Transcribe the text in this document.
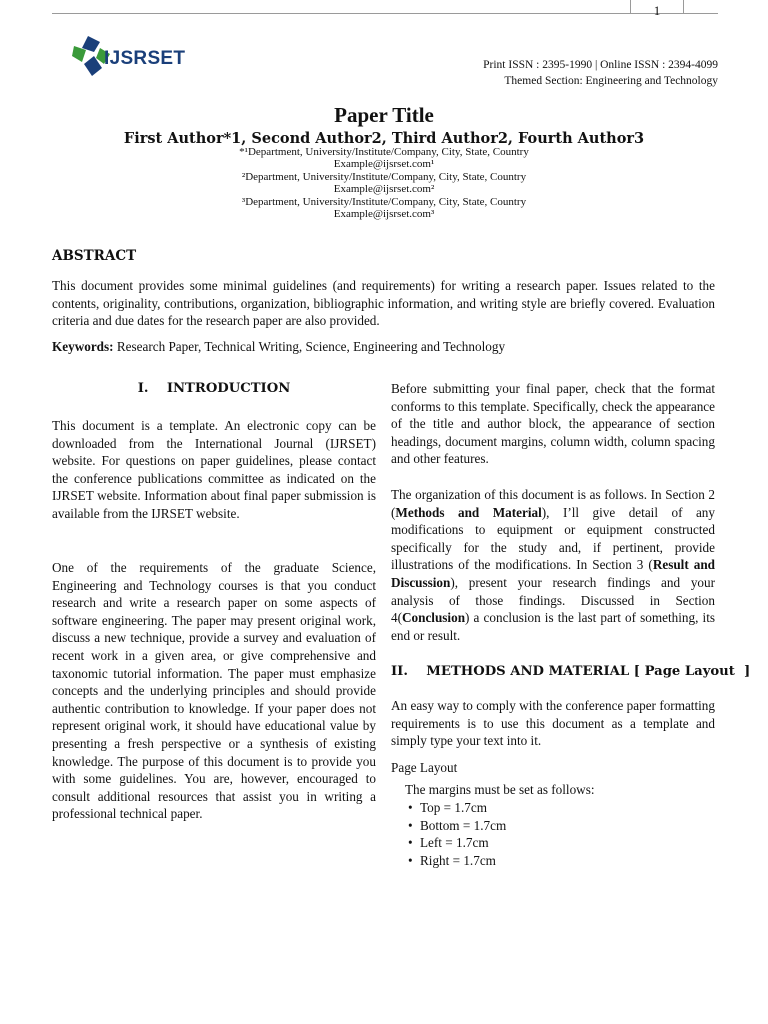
1
IJSRSET	Print ISSN : 2395-1990 | Online ISSN : 2394-4099
Themed Section: Engineering and Technology
Paper Title
First Author*1, Second Author2, Third Author2, Fourth Author3
*¹Department, University/Institute/Company, City, State, Country
Example@ijsrset.com¹
²Department, University/Institute/Company, City, State, Country
Example@ijsrset.com²
³Department, University/Institute/Company, City, State, Country
Example@ijsrset.com³
ABSTRACT
This document provides some minimal guidelines (and requirements) for writing a research paper. Issues related to the contents, originality, contributions, organization, bibliographic information, and writing style are briefly covered. Evaluation criteria and due dates for the research paper are also provided.
Keywords: Research Paper, Technical Writing, Science, Engineering and Technology
I.    INTRODUCTION
This document is a template. An electronic copy can be downloaded from the International Journal (IJRSET) website. For questions on paper guidelines, please contact the conference publications committee as indicated on the IJRSET website. Information about final paper submission is available from the IJRSET website.
One of the requirements of the graduate Science, Engineering and Technology courses is that you conduct research and write a research paper on some aspects of software engineering. The paper may present original work, discuss a new technique, provide a survey and evaluation of recent work in a given area, or give comprehensive and taxonomic tutorial information. The paper must emphasize concepts and the underlying principles and should provide authentic contribution to knowledge. If your paper does not represent original work, it should have educational value by presenting a fresh perspective or a synthesis of existing knowledge. The purpose of this document is to provide you with some guidelines. You are, however, encouraged to consult additional resources that assist you in writing a professional technical paper.
Before submitting your final paper, check that the format conforms to this template. Specifically, check the appearance of the title and author block, the appearance of section headings, document margins, column width, column spacing and other features.
The organization of this document is as follows. In Section 2 (Methods and Material), I’ll give detail of any modifications to equipment or equipment constructed specifically for the study and, if pertinent, provide illustrations of the modifications. In Section 3 (Result and Discussion), present your research findings and your analysis of those findings. Discussed in Section 4(Conclusion) a conclusion is the last part of something, its end or result.
II.    METHODS AND MATERIAL [ Page Layout  ]
An easy way to comply with the conference paper formatting requirements is to use this document as a template and simply type your text into it.
Page Layout
The margins must be set as follows:
• Top = 1.7cm
• Bottom = 1.7cm
• Left = 1.7cm
• Right = 1.7cm
